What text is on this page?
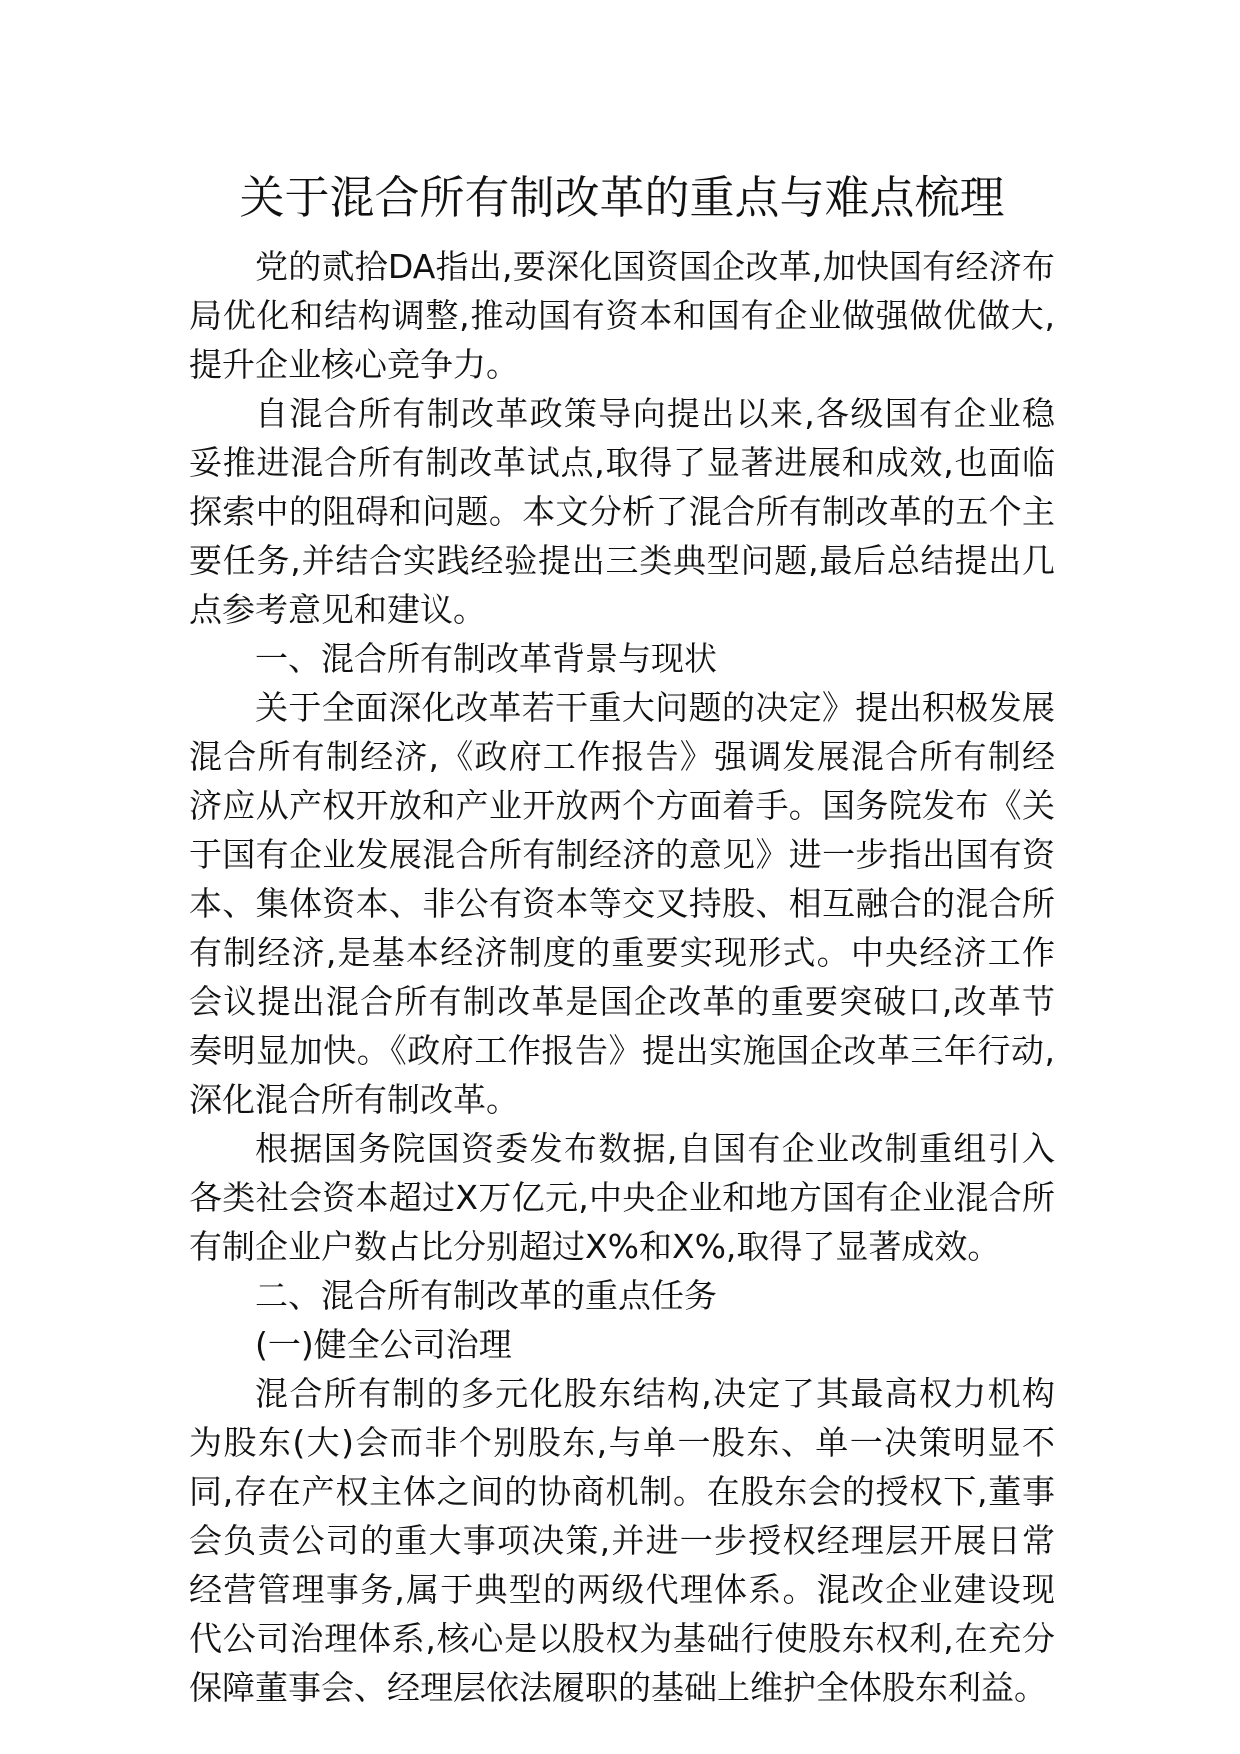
关于混合所有制改革的重点与难点梳理

党的贰拾DA指出,要深化国资国企改革,加快国有经济布局优化和结构调整,推动国有资本和国有企业做强做优做大,提升企业核心竞争力。

自混合所有制改革政策导向提出以来,各级国有企业稳妥推进混合所有制改革试点,取得了显著进展和成效,也面临探索中的阻碍和问题。本文分析了混合所有制改革的五个主要任务,并结合实践经验提出三类典型问题,最后总结提出几点参考意见和建议。

一、混合所有制改革背景与现状

关于全面深化改革若干重大问题的决定》提出积极发展混合所有制经济,《政府工作报告》强调发展混合所有制经济应从产权开放和产业开放两个方面着手。国务院发布《关于国有企业发展混合所有制经济的意见》进一步指出国有资本、集体资本、非公有资本等交叉持股、相互融合的混合所有制经济,是基本经济制度的重要实现形式。中央经济工作会议提出混合所有制改革是国企改革的重要突破口,改革节奏明显加快。《政府工作报告》提出实施国企改革三年行动,深化混合所有制改革。

根据国务院国资委发布数据,自国有企业改制重组引入各类社会资本超过X万亿元,中央企业和地方国有企业混合所有制企业户数占比分别超过X%和X%,取得了显著成效。

二、混合所有制改革的重点任务

(一)健全公司治理

混合所有制的多元化股东结构,决定了其最高权力机构为股东(大)会而非个别股东,与单一股东、单一决策明显不同,存在产权主体之间的协商机制。在股东会的授权下,董事会负责公司的重大事项决策,并进一步授权经理层开展日常经营管理事务,属于典型的两级代理体系。混改企业建设现代公司治理体系,核心是以股权为基础行使股东权利,在充分保障董事会、经理层依法履职的基础上维护全体股东利益。
